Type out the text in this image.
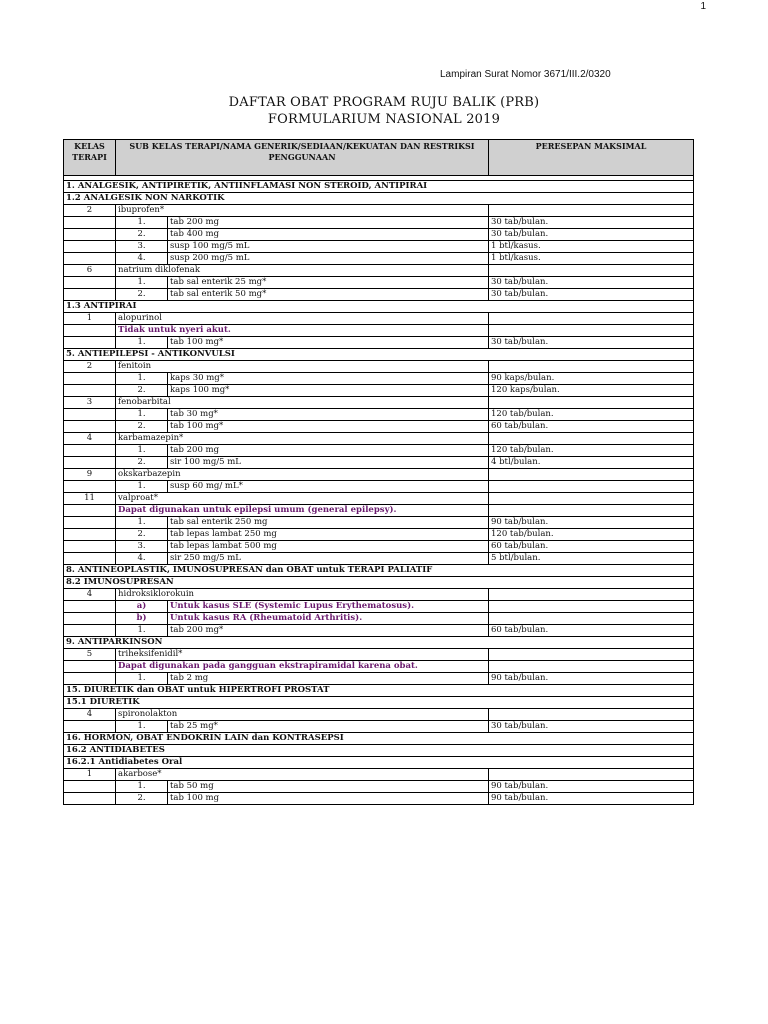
1
Lampiran Surat Nomor 3671/III.2/0320
DAFTAR OBAT PROGRAM RUJU BALIK (PRB)
FORMULARIUM NASIONAL 2019
KELAS TERAPI	SUB KELAS TERAPI/NAMA GENERIK/SEDIAAN/KEKUATAN DAN RESTRIKSI PENGGUNAAN		PERESEPAN MAKSIMAL

1. ANALGESIK, ANTIPIRETIK, ANTIINFLAMASI NON STEROID, ANTIPIRAI			
1.2 ANALGESIK NON NARKOTIK			
2	ibuprofen*		
	1.	tab 200 mg	30 tab/bulan.
	2.	tab 400 mg	30 tab/bulan.
	3.	susp 100 mg/5 mL	1 btl/kasus.
	4.	susp 200 mg/5 mL	1 btl/kasus.
6	natrium diklofenak		
	1.	tab sal enterik 25 mg*	30 tab/bulan.
	2.	tab sal enterik 50 mg*	30 tab/bulan.
1.3 ANTIPIRAI			
1	alopurinol		
	Tidak untuk nyeri akut.		
	1.	tab 100 mg*	30 tab/bulan.
5. ANTIEPILEPSI - ANTIKONVULSI			
2	fenitoin		
	1.	kaps 30 mg*	90 kaps/bulan.
	2.	kaps 100 mg*	120 kaps/bulan.
3	fenobarbital		
	1.	tab 30 mg*	120 tab/bulan.
	2.	tab 100 mg*	60 tab/bulan.
4	karbamazepin*		
	1.	tab 200 mg	120 tab/bulan.
	2.	sir 100 mg/5 mL	4 btl/bulan.
9	okskarbazepin		
	1.	susp 60 mg/ mL*	
11	valproat*		
	Dapat digunakan untuk epilepsi umum (general epilepsy).		
	1.	tab sal enterik 250 mg	90 tab/bulan.
	2.	tab lepas lambat 250 mg	120 tab/bulan.
	3.	tab lepas lambat 500 mg	60 tab/bulan.
	4.	sir 250 mg/5 mL	5 btl/bulan.
8. ANTINEOPLASTIK, IMUNOSUPRESAN dan OBAT untuk TERAPI PALIATIF			
8.2 IMUNOSUPRESAN			
4	hidroksiklorokuin		
	a)	Untuk kasus SLE (Systemic Lupus Erythematosus).	
	b)	Untuk kasus RA (Rheumatoid Arthritis).	
	1.	tab 200 mg*	60 tab/bulan.
9. ANTIPARKINSON			
5	triheksifenidil*		
	Dapat digunakan pada gangguan ekstrapiramidal karena obat.		
	1.	tab 2 mg	90 tab/bulan.
15. DIURETIK dan OBAT untuk HIPERTROFI PROSTAT			
15.1 DIURETIK			
4	spironolakton		
	1.	tab 25 mg*	30 tab/bulan.
16. HORMON, OBAT ENDOKRIN LAIN dan KONTRASEPSI			
16.2 ANTIDIABETES			
16.2.1 Antidiabetes Oral			
1	akarbose*		
	1.	tab 50 mg	90 tab/bulan.
	2.	tab 100 mg	90 tab/bulan.
